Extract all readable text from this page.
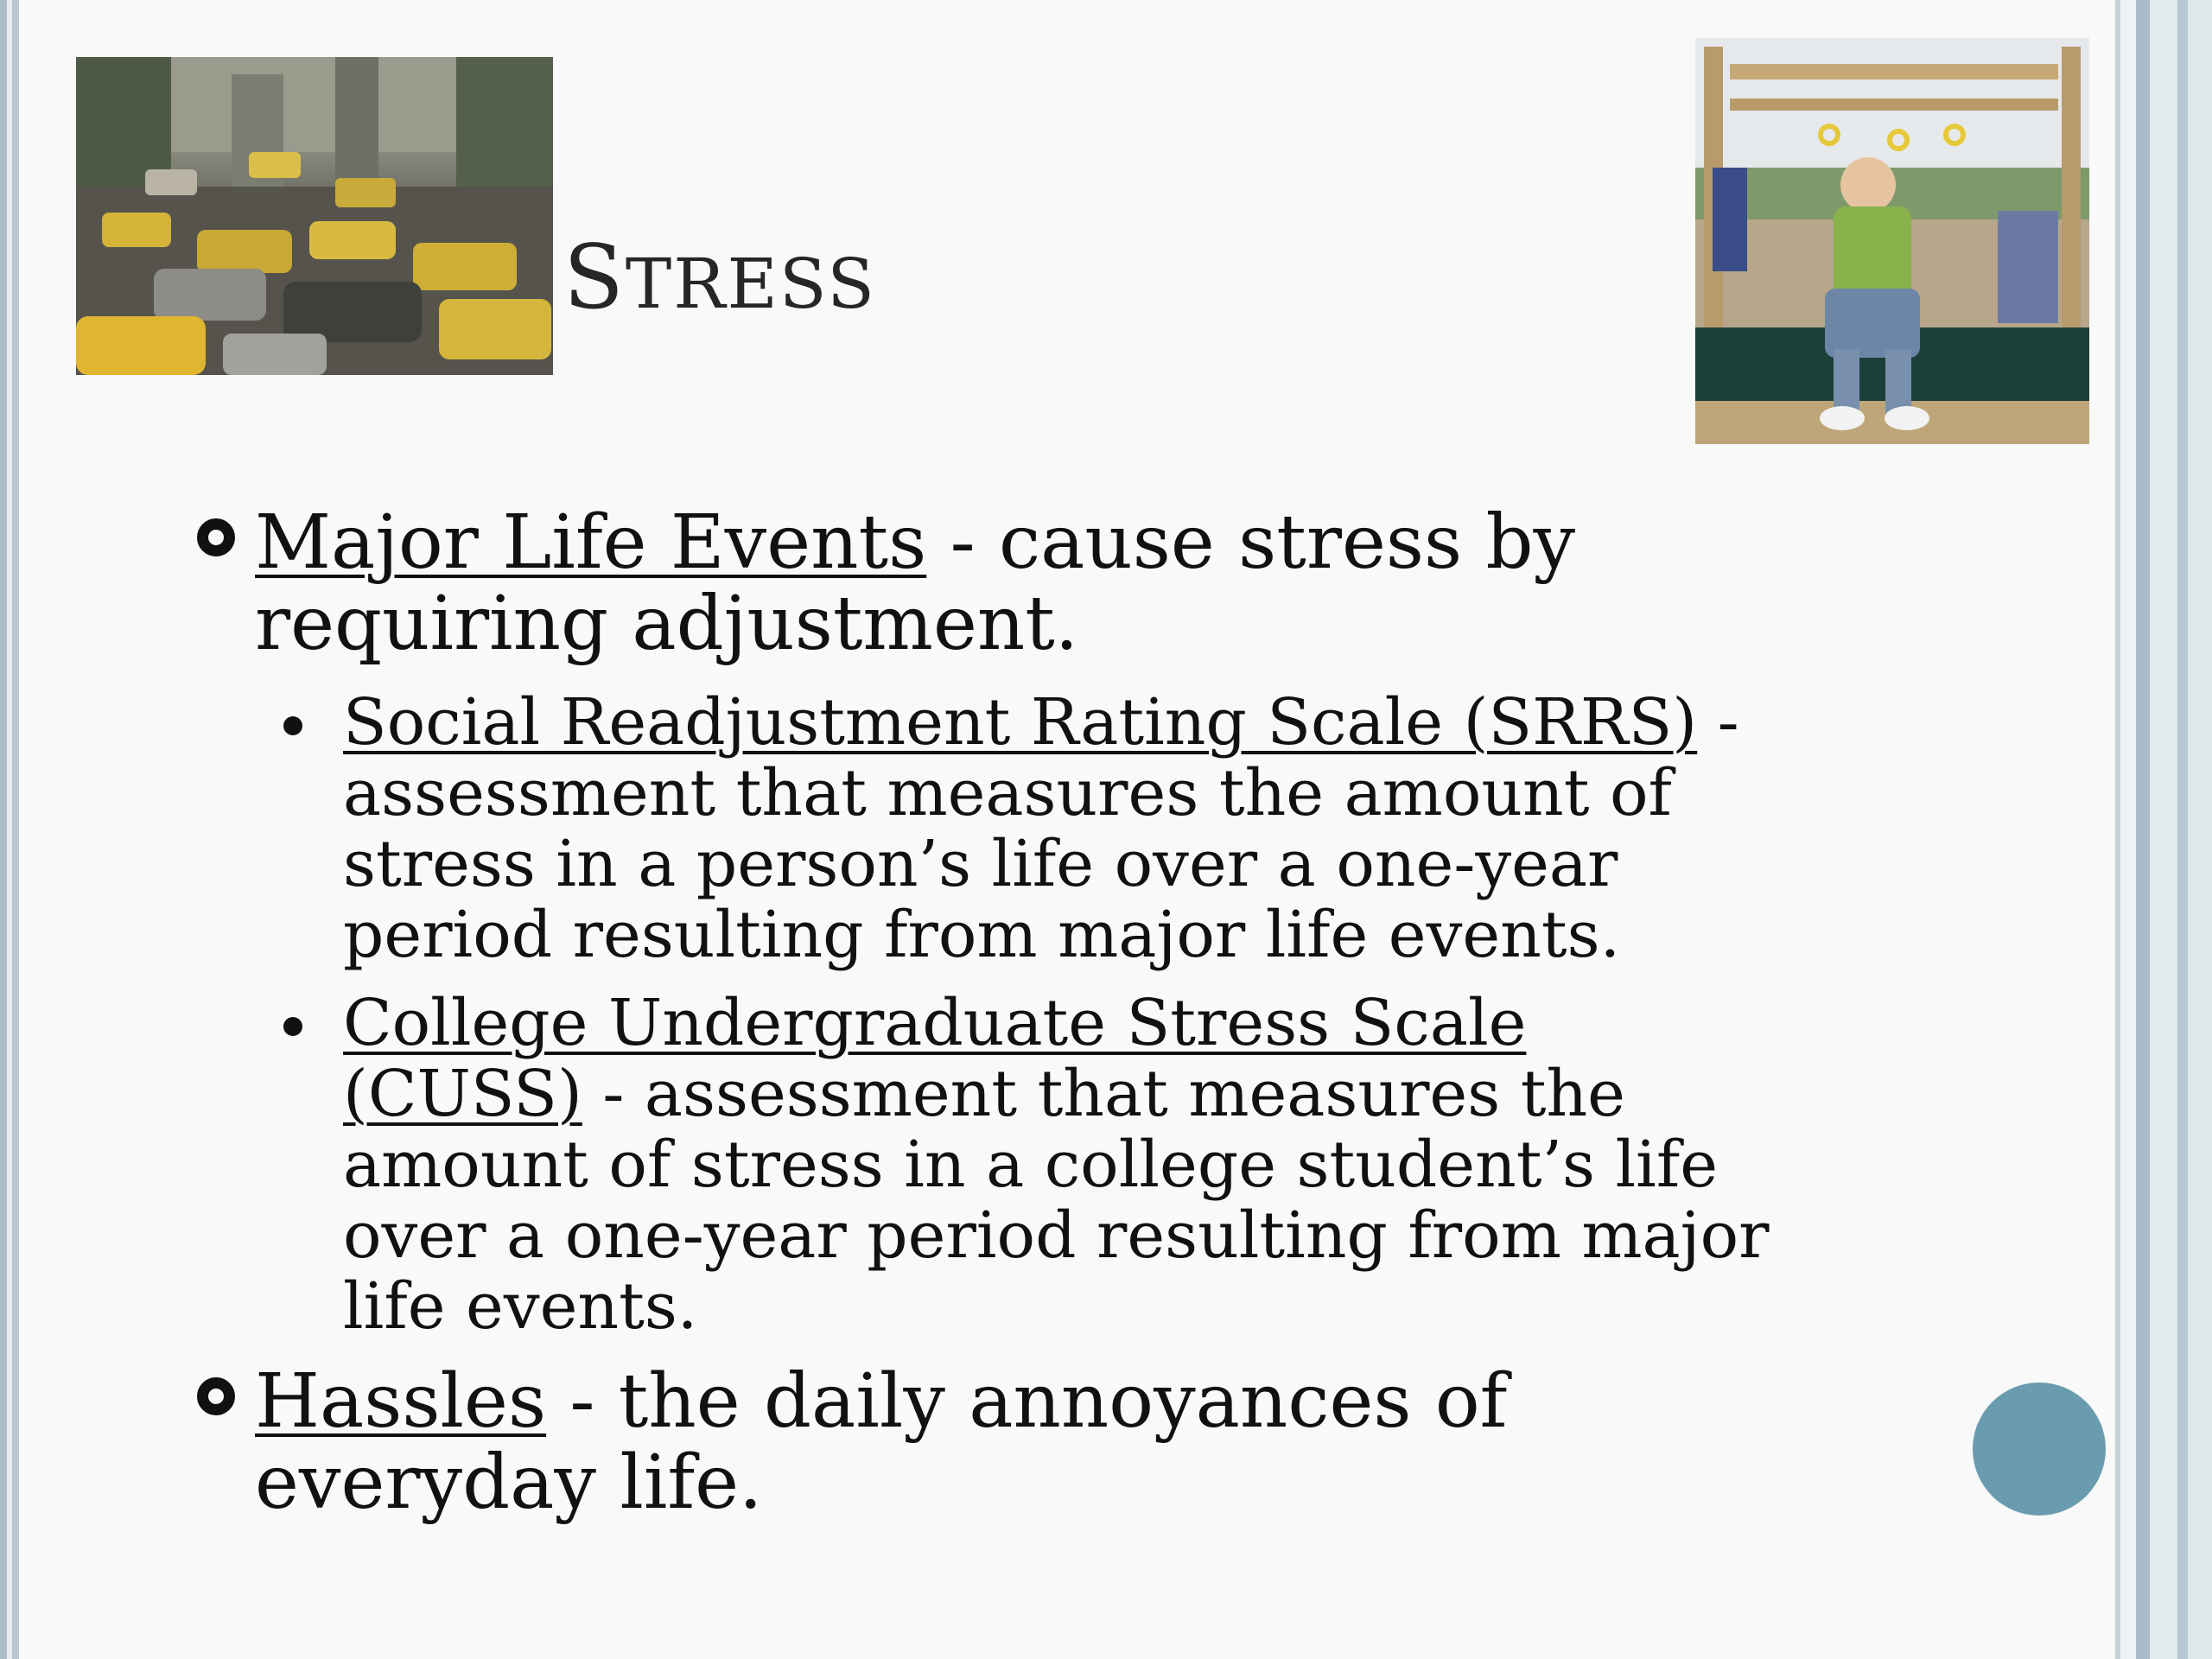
STRESS
Major Life Events - cause stress by
requiring adjustment.
Social Readjustment Rating Scale (SRRS) -
assessment that measures the amount of
stress in a person’s life over a one-year
period resulting from major life events.
College Undergraduate Stress Scale
(CUSS) - assessment that measures the
amount of stress in a college student’s life
over a one-year period resulting from major
life events.
Hassles - the daily annoyances of
everyday life.
